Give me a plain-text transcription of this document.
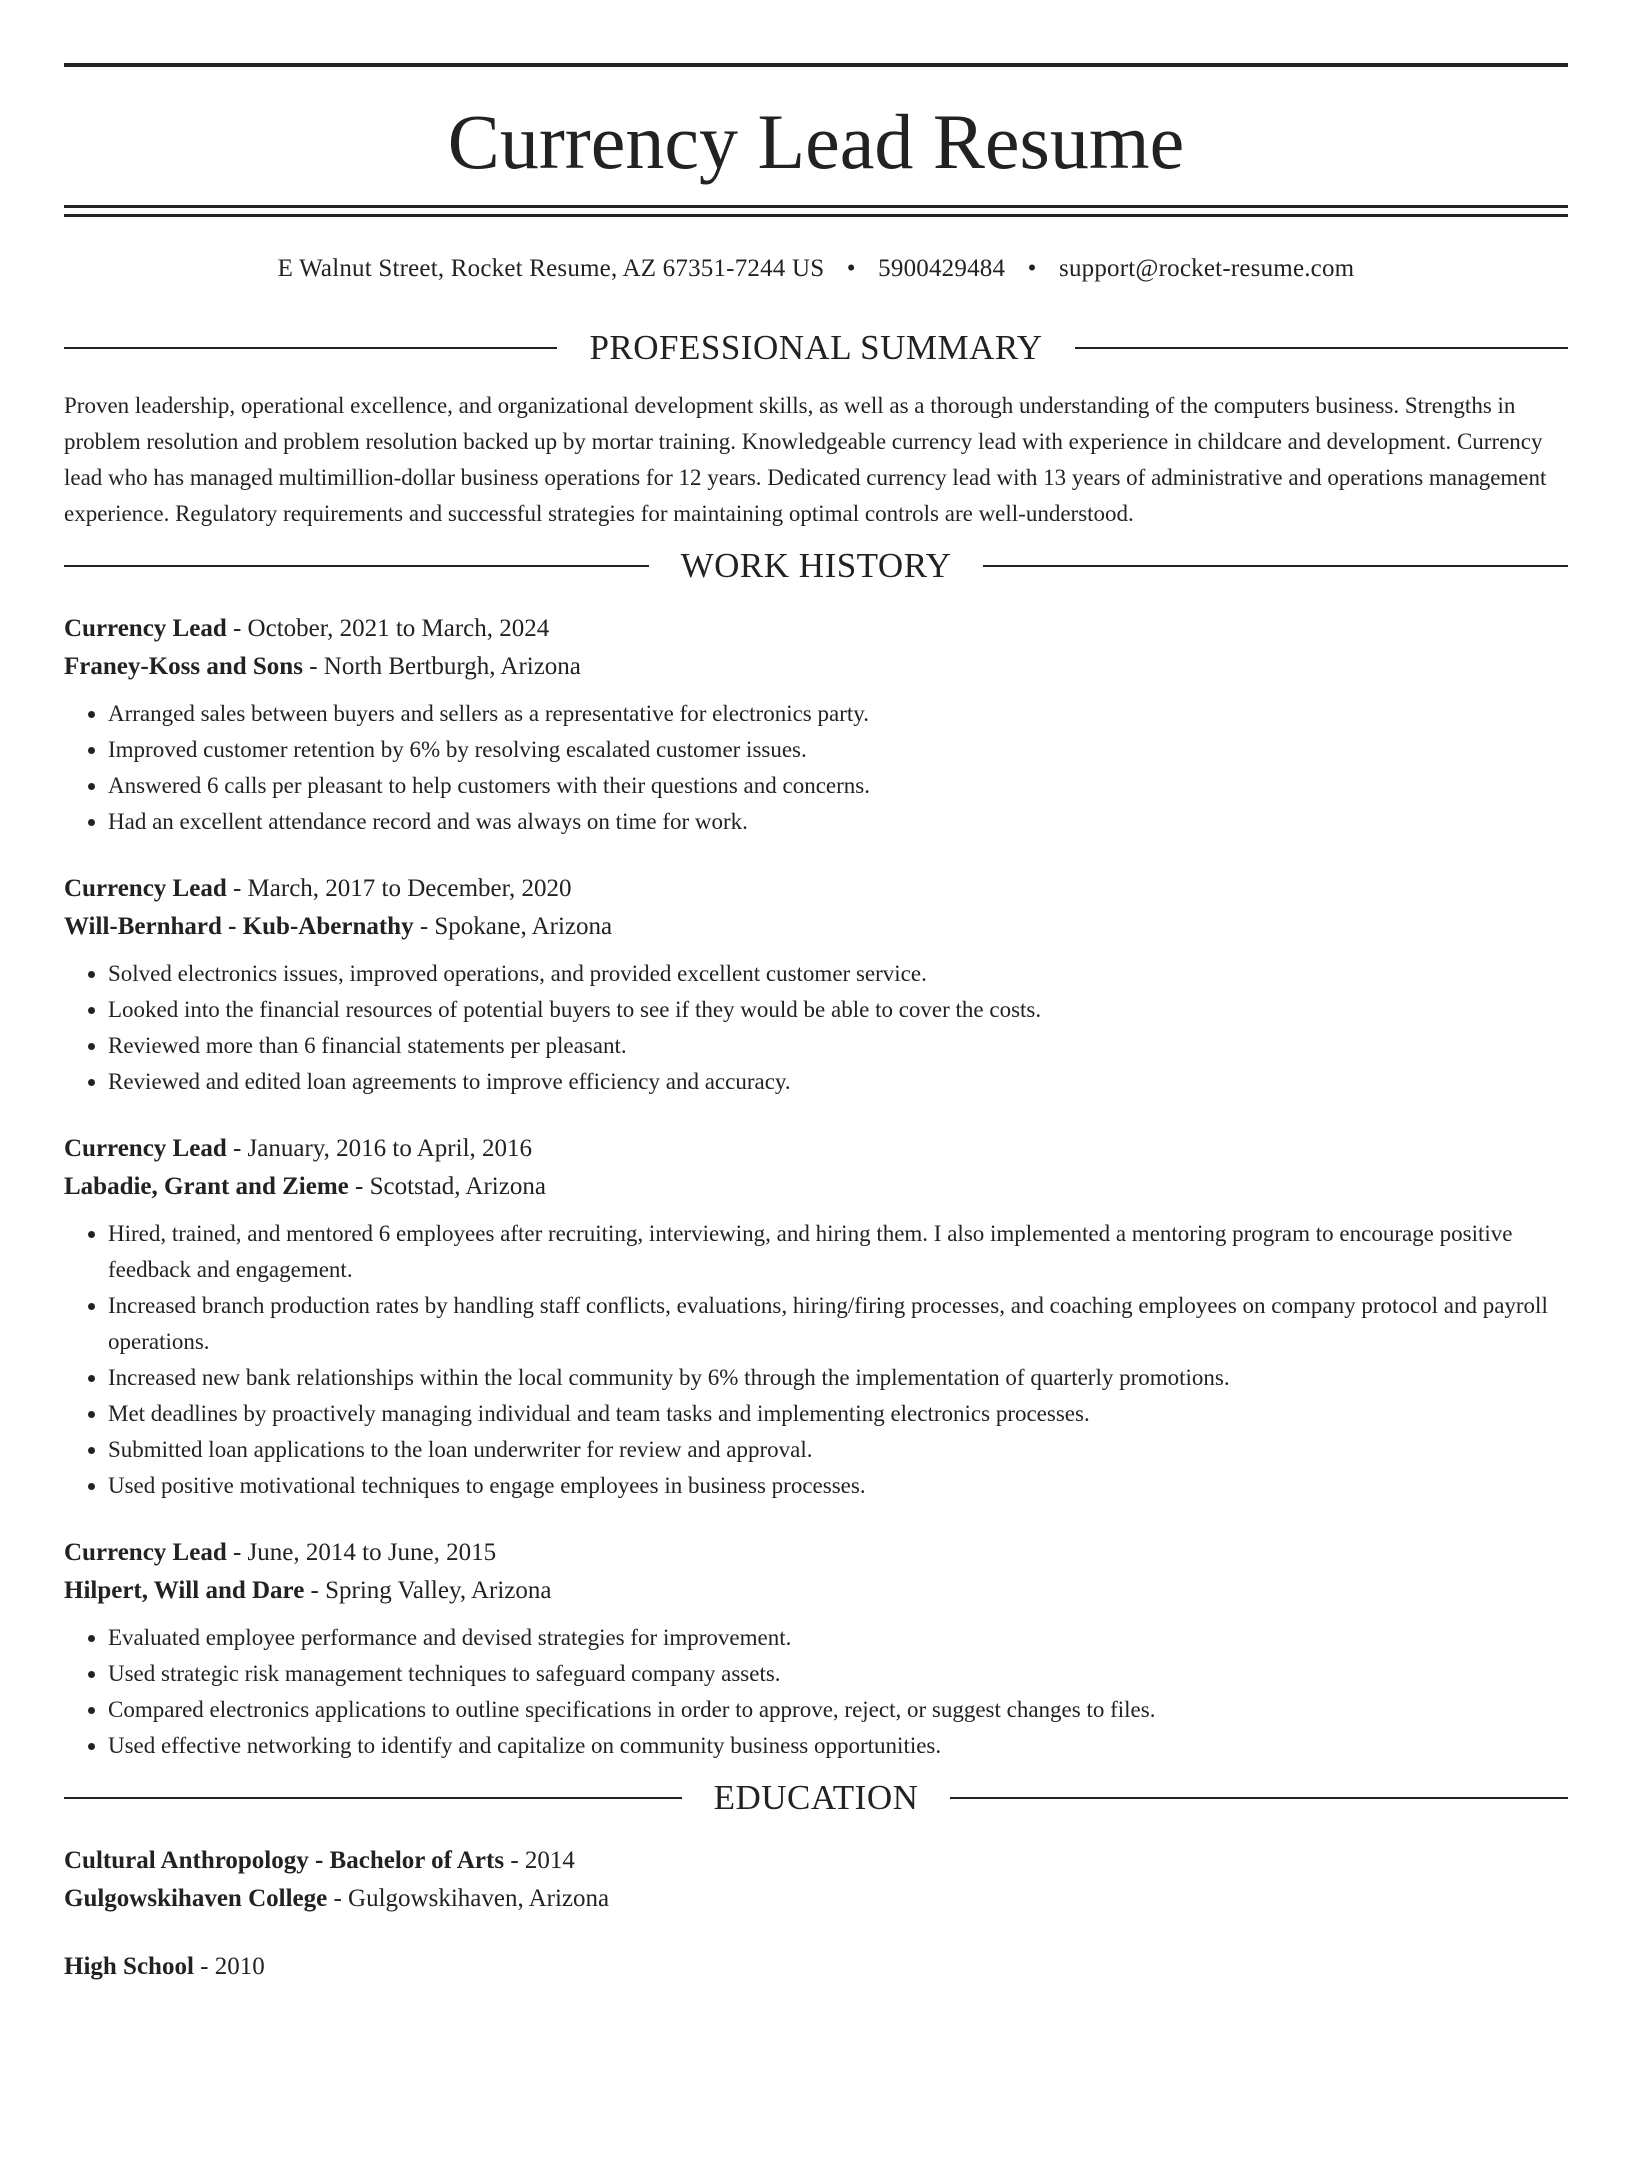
Currency Lead Resume
E Walnut Street, Rocket Resume, AZ 67351-7244 US • 5900429484 • support@rocket-resume.com
PROFESSIONAL SUMMARY

Proven leadership, operational excellence, and organizational development skills, as well as a thorough understanding of the computers business. Strengths in problem resolution and problem resolution backed up by mortar training. Knowledgeable currency lead with experience in childcare and development. Currency lead who has managed multimillion-dollar business operations for 12 years. Dedicated currency lead with 13 years of administrative and operations management experience. Regulatory requirements and successful strategies for maintaining optimal controls are well-understood.

WORK HISTORY

Currency Lead - October, 2021 to March, 2024

Franey-Koss and Sons - North Bertburgh, Arizona

• Arranged sales between buyers and sellers as a representative for electronics party.
• Improved customer retention by 6% by resolving escalated customer issues.
• Answered 6 calls per pleasant to help customers with their questions and concerns.
• Had an excellent attendance record and was always on time for work.

Currency Lead - March, 2017 to December, 2020

Will-Bernhard - Kub-Abernathy - Spokane, Arizona

• Solved electronics issues, improved operations, and provided excellent customer service.
• Looked into the financial resources of potential buyers to see if they would be able to cover the costs.
• Reviewed more than 6 financial statements per pleasant.
• Reviewed and edited loan agreements to improve efficiency and accuracy.

Currency Lead - January, 2016 to April, 2016

Labadie, Grant and Zieme - Scotstad, Arizona

• Hired, trained, and mentored 6 employees after recruiting, interviewing, and hiring them. I also implemented a mentoring program to encourage positive feedback and engagement.
• Increased branch production rates by handling staff conflicts, evaluations, hiring/firing processes, and coaching employees on company protocol and payroll operations.
• Increased new bank relationships within the local community by 6% through the implementation of quarterly promotions.
• Met deadlines by proactively managing individual and team tasks and implementing electronics processes.
• Submitted loan applications to the loan underwriter for review and approval.
• Used positive motivational techniques to engage employees in business processes.

Currency Lead - June, 2014 to June, 2015

Hilpert, Will and Dare - Spring Valley, Arizona

• Evaluated employee performance and devised strategies for improvement.
• Used strategic risk management techniques to safeguard company assets.
• Compared electronics applications to outline specifications in order to approve, reject, or suggest changes to files.
• Used effective networking to identify and capitalize on community business opportunities.
EDUCATION

Cultural Anthropology - Bachelor of Arts - 2014

Gulgowskihaven College - Gulgowskihaven, Arizona

High School - 2010
